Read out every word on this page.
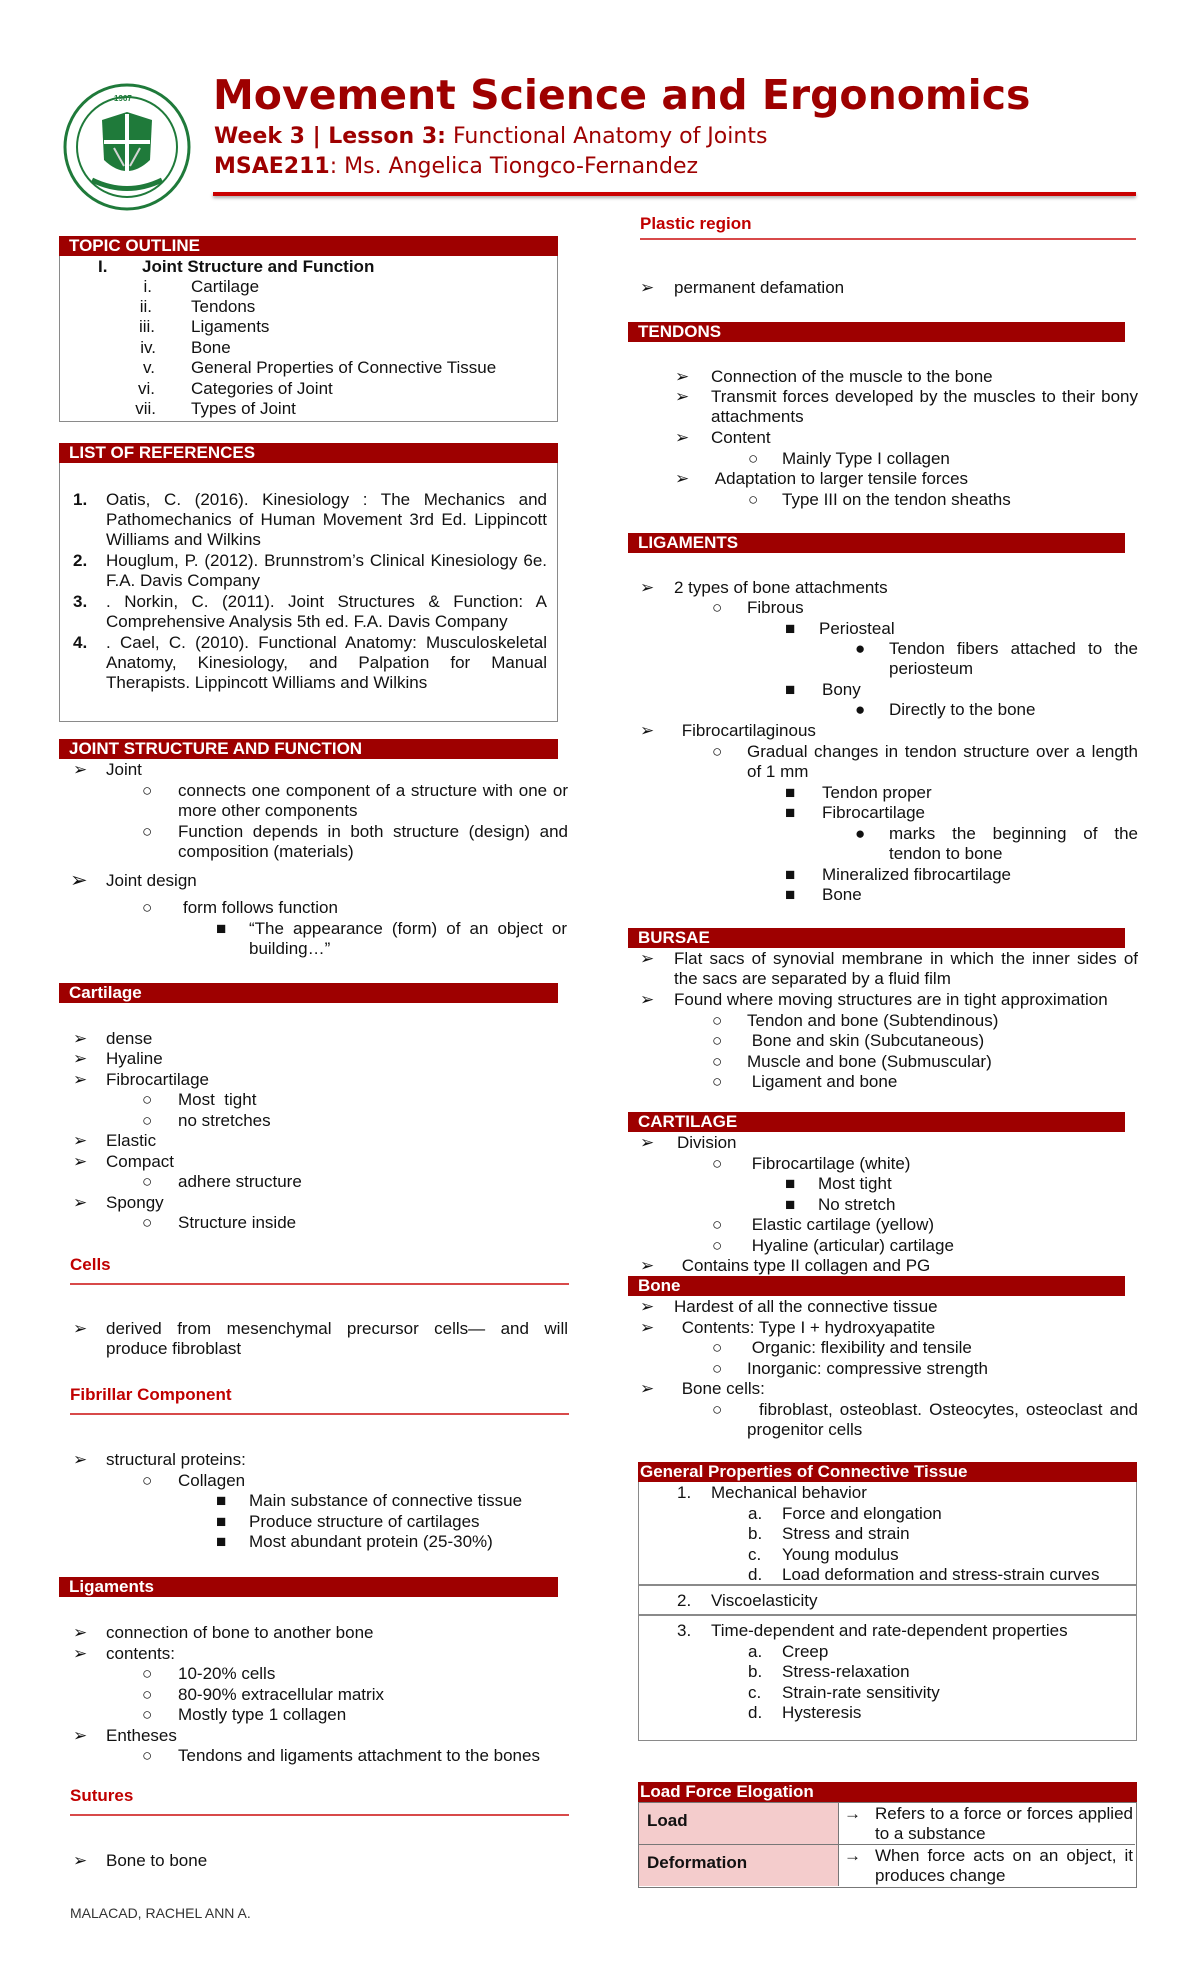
1967 Movement Science and Ergonomics
Week 3 | Lesson 3: Functional Anatomy of Joints
MSAE211: Ms. Angelica Tiongco-Fernandez
TOPIC OUTLINE
I. Joint Structure and Function
i. Cartilage
ii. Tendons
iii. Ligaments
iv. Bone
v. General Properties of Connective Tissue
vi. Categories of Joint
vii. Types of Joint
LIST OF REFERENCES
1. Oatis, C. (2016). Kinesiology : The Mechanics and Pathomechanics of Human Movement 3rd Ed. Lippincott Williams and Wilkins
2. Houglum, P. (2012). Brunnstrom’s Clinical Kinesiology 6e. F.A. Davis Company
3. . Norkin, C. (2011). Joint Structures & Function: A Comprehensive Analysis 5th ed. F.A. Davis Company
4. . Cael, C. (2010). Functional Anatomy: Musculoskeletal Anatomy, Kinesiology, and Palpation for Manual Therapists. Lippincott Williams and Wilkins
JOINT STRUCTURE AND FUNCTION
➢ Joint
○ connects one component of a structure with one or more other components
○ Function depends in both structure (design) and composition (materials)
➢ Joint design
○ form follows function
■ “The appearance (form) of an object or building…”
Cartilage
➢ dense
➢ Hyaline
➢ Fibrocartilage
○ Most  tight
○ no stretches
➢ Elastic
➢ Compact
○ adhere structure
➢ Spongy
○ Structure inside
Cells
➢ derived from mesenchymal precursor cells— and will produce fibroblast
Fibrillar Component
➢ structural proteins:
○ Collagen
■ Main substance of connective tissue
■ Produce structure of cartilages
■ Most abundant protein (25-30%)
Ligaments
➢ connection of bone to another bone
➢ contents:
○ 10-20% cells
○ 80-90% extracellular matrix
○ Mostly type 1 collagen
➢ Entheses
○ Tendons and ligaments attachment to the bones
Sutures
➢ Bone to bone
MALACAD, RACHEL ANN A.
Plastic region
➢ permanent defamation
TENDONS
➢ Connection of the muscle to the bone
➢ Transmit forces developed by the muscles to their bony attachments
➢ Content
○ Mainly Type I collagen
➢ Adaptation to larger tensile forces
○ Type III on the tendon sheaths
LIGAMENTS
➢ 2 types of bone attachments
○ Fibrous
■ Periosteal
● Tendon fibers attached to the periosteum
■ Bony
● Directly to the bone
➢ Fibrocartilaginous
○ Gradual changes in tendon structure over a length of 1 mm
■ Tendon proper
■ Fibrocartilage
● marks the beginning of the tendon to bone
■ Mineralized fibrocartilage
■ Bone
BURSAE
➢ Flat sacs of synovial membrane in which the inner sides of the sacs are separated by a fluid film
➢ Found where moving structures are in tight approximation
○ Tendon and bone (Subtendinous)
○ Bone and skin (Subcutaneous)
○ Muscle and bone (Submuscular)
○ Ligament and bone
CARTILAGE
➢ Division
○ Fibrocartilage (white)
■ Most tight
■ No stretch
○ Elastic cartilage (yellow)
○ Hyaline (articular) cartilage
➢ Contains type II collagen and PG
Bone
➢ Hardest of all the connective tissue
➢ Contents: Type I + hydroxyapatite
○ Organic: flexibility and tensile
○ Inorganic: compressive strength
➢ Bone cells:
○	fibroblast, osteoblast. Osteocytes, osteoclast and progenitor cells
General Properties of Connective Tissue
1. Mechanical behavior
a. Force and elongation
b. Stress and strain
c. Young modulus
d. Load deformation and stress-strain curves
2. Viscoelasticity
3. Time-dependent and rate-dependent properties
a. Creep
b. Stress-relaxation
c. Strain-rate sensitivity
d. Hysteresis
Load Force Elogation
Load	→ Refers to a force or forces applied to a substance
Deformation	→ When force acts on an object, it produces change
